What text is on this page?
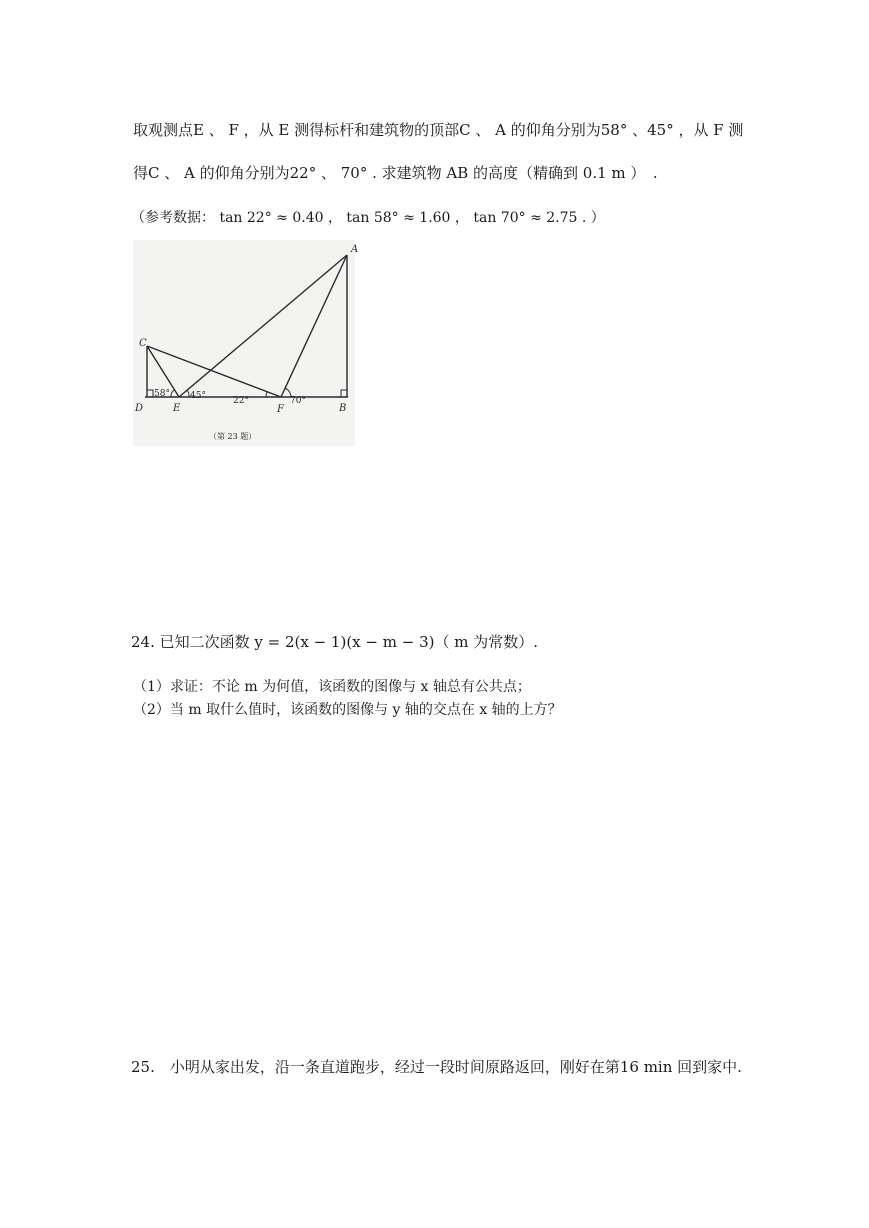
取观测点E 、 F ，从 E 测得标杆和建筑物的顶部C 、 A 的仰角分别为58° 、45° ，从 F 测
得C 、 A 的仰角分别为22° 、 70° . 求建筑物 AB 的高度（精确到 0.1 m ）　.
（参考数据： tan 22° ≈ 0.40 ， tan 58° ≈ 1.60 ， tan 70° ≈ 2.75 . ）
A
B
C
D	E	F
58° 45°	22°	70°
（第 23 题）
24. 已知二次函数 y = 2(x − 1)(x − m − 3)（ m 为常数）.
（1）求证：不论 m 为何值，该函数的图像与 x 轴总有公共点；
（2）当 m 取什么值时，该函数的图像与 y 轴的交点在 x 轴的上方？
25.　小明从家出发，沿一条直道跑步，经过一段时间原路返回，刚好在第16 min 回到家中.
